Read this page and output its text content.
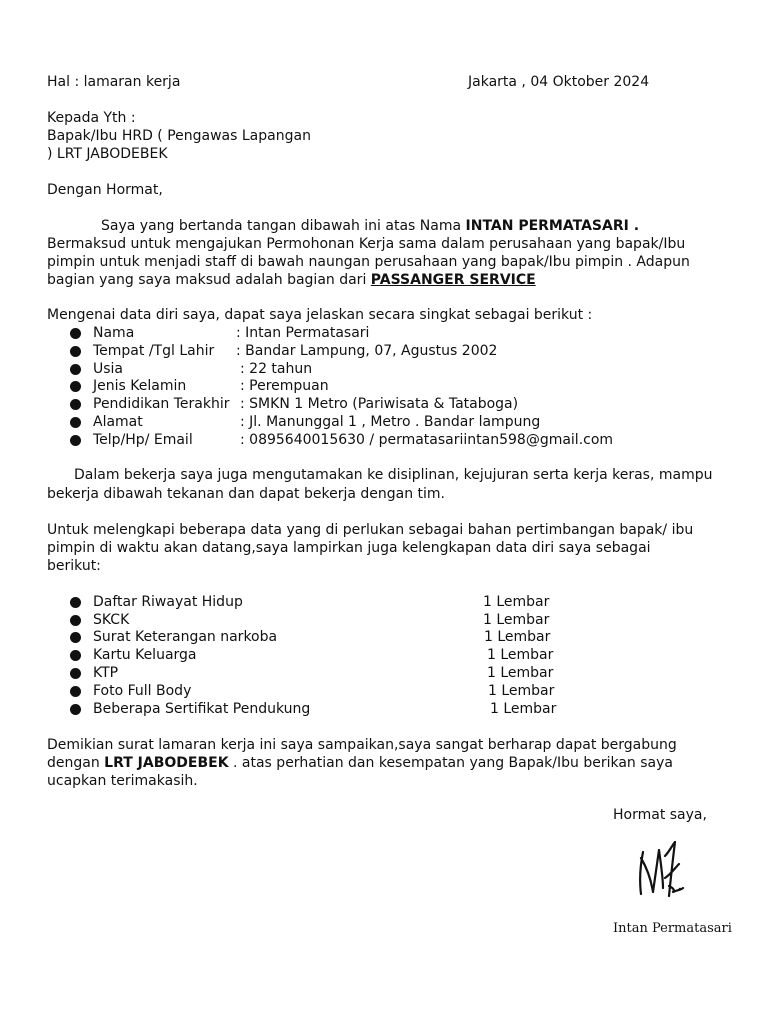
Hal : lamaran kerja	Jakarta , 04 Oktober 2024
Kepada Yth :
Bapak/Ibu HRD ( Pengawas Lapangan
) LRT JABODEBEK
Dengan Hormat,
Saya yang bertanda tangan dibawah ini atas Nama INTAN PERMATASARI .
Bermaksud untuk mengajukan Permohonan Kerja sama dalam perusahaan yang bapak/Ibu
pimpin untuk menjadi staff di bawah naungan perusahaan yang bapak/Ibu pimpin . Adapun
bagian yang saya maksud adalah bagian dari PASSANGER SERVICE
Mengenai data diri saya, dapat saya jelaskan secara singkat sebagai berikut :
Nama	: Intan Permatasari
Tempat /Tgl Lahir : Bandar Lampung, 07, Agustus 2002
Usia	: 22 tahun
Jenis Kelamin	: Perempuan
Pendidikan Terakhir : SMKN 1 Metro (Pariwisata & Tataboga)
Alamat	: Jl. Manunggal 1 , Metro . Bandar lampung
Telp/Hp/ Email	: 0895640015630 / permatasariintan598@gmail.com
Dalam bekerja saya juga mengutamakan ke disiplinan, kejujuran serta kerja keras, mampu
bekerja dibawah tekanan dan dapat bekerja dengan tim.
Untuk melengkapi beberapa data yang di perlukan sebagai bahan pertimbangan bapak/ ibu
pimpin di waktu akan datang,saya lampirkan juga kelengkapan data diri saya sebagai
berikut:
Daftar Riwayat Hidup	1 Lembar
SKCK	1 Lembar
Surat Keterangan narkoba	1 Lembar
Kartu Keluarga	1 Lembar
KTP	1 Lembar
Foto Full Body	1 Lembar
Beberapa Sertifikat Pendukung	1 Lembar
Demikian surat lamaran kerja ini saya sampaikan,saya sangat berharap dapat bergabung
dengan LRT JABODEBEK . atas perhatian dan kesempatan yang Bapak/Ibu berikan saya
ucapkan terimakasih.
Hormat saya,
Intan Permatasari
